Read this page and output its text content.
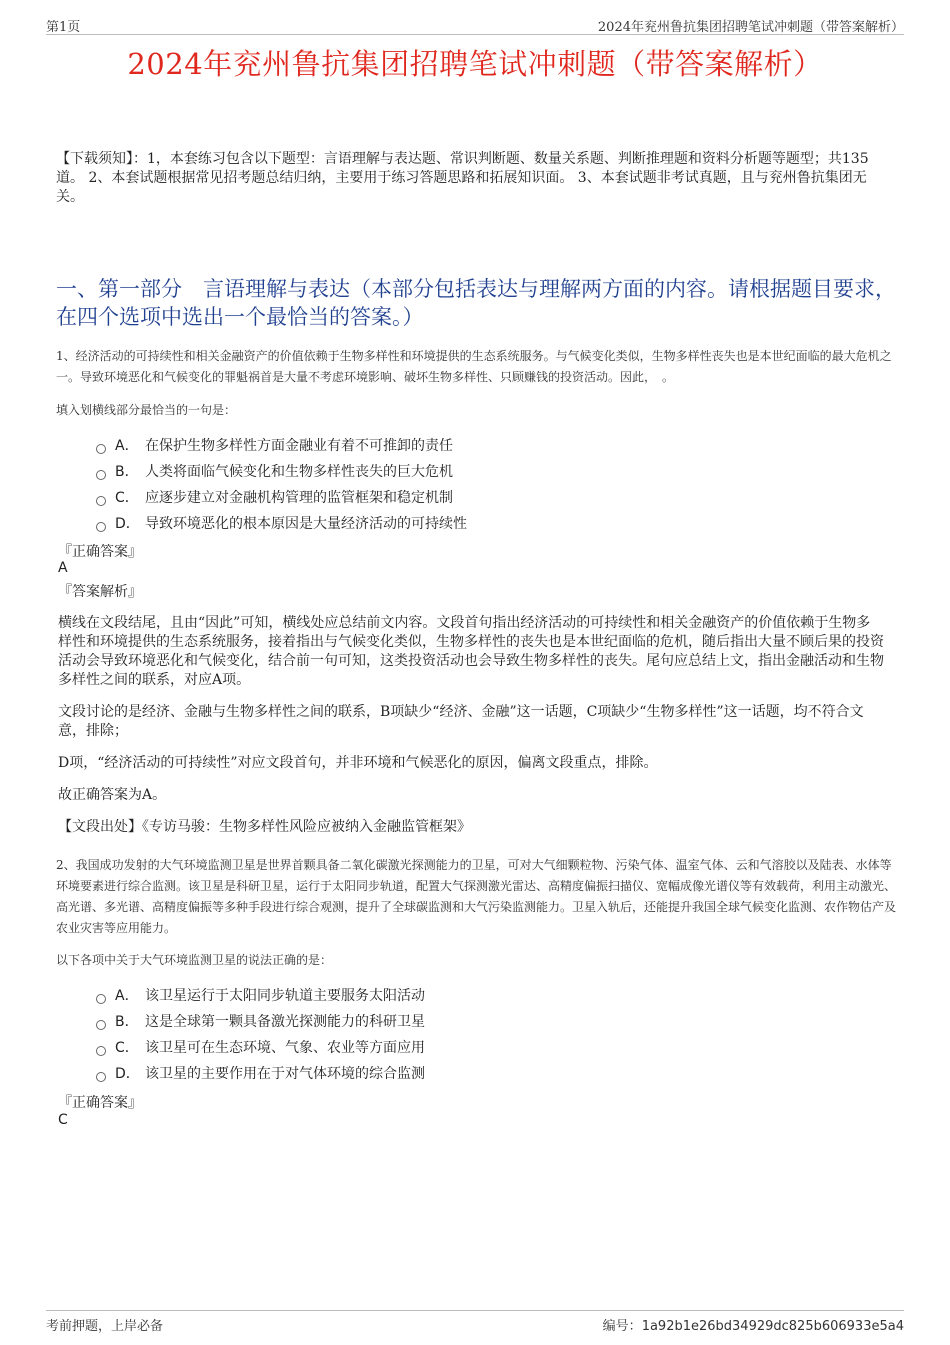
第1页	2024年兖州鲁抗集团招聘笔试冲刺题（带答案解析）
2024年兖州鲁抗集团招聘笔试冲刺题（带答案解析）
【下载须知】：1，本套练习包含以下题型：言语理解与表达题、常识判断题、数量关系题、判断推理题和资料分析题等题型；共135道。 2、本套试题根据常见招考题总结归纳，主要用于练习答题思路和拓展知识面。 3、本套试题非考试真题，且与兖州鲁抗集团无关。
一、第一部分　言语理解与表达（本部分包括表达与理解两方面的内容。请根据题目要求，在四个选项中选出一个最恰当的答案。）
1、经济活动的可持续性和相关金融资产的价值依赖于生物多样性和环境提供的生态系统服务。与气候变化类似，生物多样性丧失也是本世纪面临的最大危机之一。导致环境恶化和气候变化的罪魁祸首是大量不考虑环境影响、破坏生物多样性、只顾赚钱的投资活动。因此，　。
填入划横线部分最恰当的一句是：
A． 在保护生物多样性方面金融业有着不可推卸的责任
B． 人类将面临气候变化和生物多样性丧失的巨大危机
C． 应逐步建立对金融机构管理的监管框架和稳定机制
D． 导致环境恶化的根本原因是大量经济活动的可持续性
『正确答案』
A
『答案解析』

横线在文段结尾，且由“因此”可知，横线处应总结前文内容。文段首句指出经济活动的可持续性和相关金融资产的价值依赖于生物多样性和环境提供的生态系统服务，接着指出与气候变化类似，生物多样性的丧失也是本世纪面临的危机，随后指出大量不顾后果的投资活动会导致环境恶化和气候变化，结合前一句可知，这类投资活动也会导致生物多样性的丧失。尾句应总结上文，指出金融活动和生物多样性之间的联系，对应A项。

文段讨论的是经济、金融与生物多样性之间的联系，B项缺少“经济、金融”这一话题，C项缺少“生物多样性”这一话题，均不符合文意，排除；

D项，“经济活动的可持续性”对应文段首句，并非环境和气候恶化的原因，偏离文段重点，排除。

故正确答案为A。

【文段出处】《专访马骏：生物多样性风险应被纳入金融监管框架》

2、我国成功发射的大气环境监测卫星是世界首颗具备二氧化碳激光探测能力的卫星，可对大气细颗粒物、污染气体、温室气体、云和气溶胶以及陆表、水体等环境要素进行综合监测。该卫星是科研卫星，运行于太阳同步轨道，配置大气探测激光雷达、高精度偏振扫描仪、宽幅成像光谱仪等有效载荷，利用主动激光、高光谱、多光谱、高精度偏振等多种手段进行综合观测，提升了全球碳监测和大气污染监测能力。卫星入轨后，还能提升我国全球气候变化监测、农作物估产及农业灾害等应用能力。
以下各项中关于大气环境监测卫星的说法正确的是：
A． 该卫星运行于太阳同步轨道主要服务太阳活动
B． 这是全球第一颗具备激光探测能力的科研卫星
C． 该卫星可在生态环境、气象、农业等方面应用
D． 该卫星的主要作用在于对气体环境的综合监测
『正确答案』
C
考前押题，上岸必备	编号：1a92b1e26bd34929dc825b606933e5a4
